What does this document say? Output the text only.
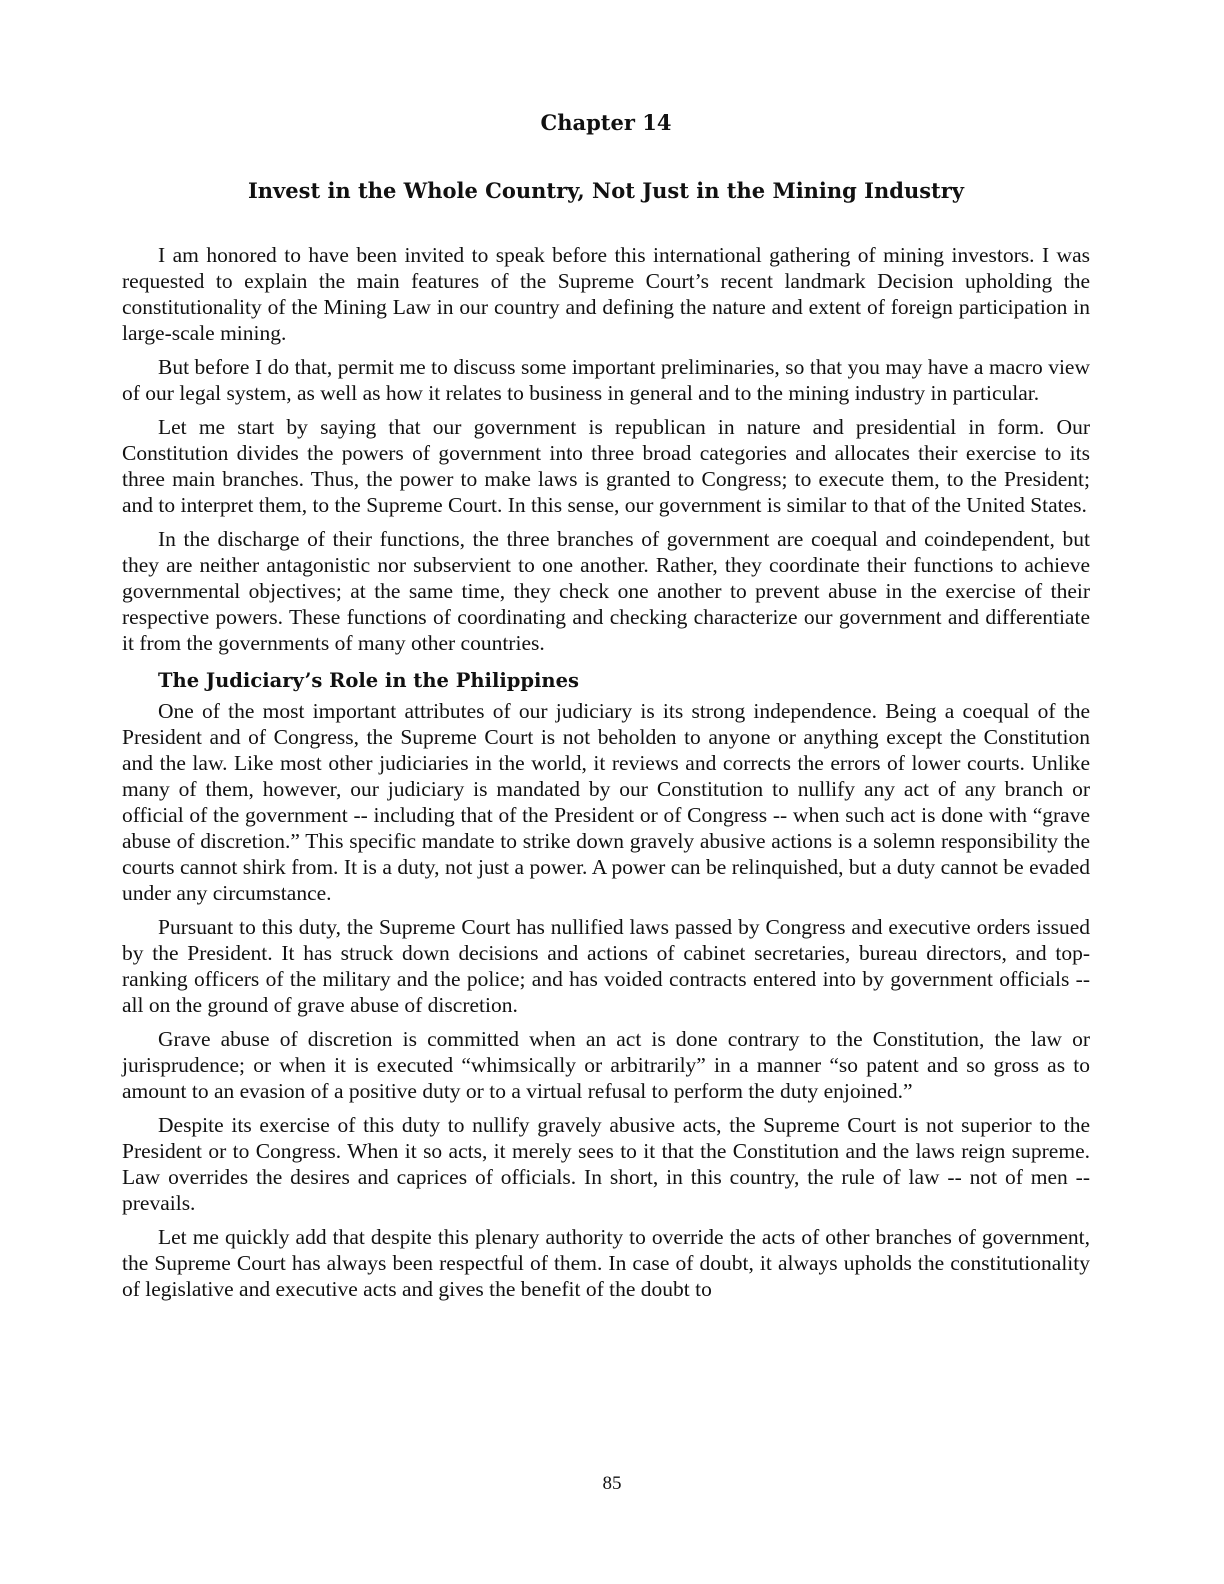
Chapter 14
Invest in the Whole Country, Not Just in the Mining Industry

I am honored to have been invited to speak before this international gathering of mining investors. I was requested to explain the main features of the Supreme Court’s recent landmark Decision upholding the constitutionality of the Mining Law in our country and defining the nature and extent of foreign participation in large-scale mining.

But before I do that, permit me to discuss some important preliminaries, so that you may have a macro view of our legal system, as well as how it relates to business in general and to the mining industry in particular.

Let me start by saying that our government is republican in nature and presidential in form. Our Constitution divides the powers of government into three broad categories and allocates their exercise to its three main branches. Thus, the power to make laws is granted to Congress; to execute them, to the President; and to interpret them, to the Supreme Court. In this sense, our government is similar to that of the United States.

In the discharge of their functions, the three branches of government are coequal and coindependent, but they are neither antagonistic nor subservient to one another. Rather, they coordinate their functions to achieve governmental objectives; at the same time, they check one another to prevent abuse in the exercise of their respective powers. These functions of coordinating and checking characterize our government and differentiate it from the governments of many other countries.

The Judiciary’s Role in the Philippines

One of the most important attributes of our judiciary is its strong independence. Being a coequal of the President and of Congress, the Supreme Court is not beholden to anyone or anything except the Constitution and the law. Like most other judiciaries in the world, it reviews and corrects the errors of lower courts. Unlike many of them, however, our judiciary is mandated by our Constitution to nullify any act of any branch or official of the government -- including that of the President or of Congress -- when such act is done with “grave abuse of discretion.” This specific mandate to strike down gravely abusive actions is a solemn responsibility the courts cannot shirk from. It is a duty, not just a power. A power can be relinquished, but a duty cannot be evaded under any circumstance.

Pursuant to this duty, the Supreme Court has nullified laws passed by Congress and executive orders issued by the President. It has struck down decisions and actions of cabinet secretaries, bureau directors, and top-ranking officers of the military and the police; and has voided contracts entered into by government officials -- all on the ground of grave abuse of discretion.

Grave abuse of discretion is committed when an act is done contrary to the Constitution, the law or jurisprudence; or when it is executed “whimsically or arbitrarily” in a manner “so patent and so gross as to amount to an evasion of a positive duty or to a virtual refusal to perform the duty enjoined.”

Despite its exercise of this duty to nullify gravely abusive acts, the Supreme Court is not superior to the President or to Congress. When it so acts, it merely sees to it that the Constitution and the laws reign supreme. Law overrides the desires and caprices of officials. In short, in this country, the rule of law -- not of men -- prevails.

Let me quickly add that despite this plenary authority to override the acts of other branches of government, the Supreme Court has always been respectful of them. In case of doubt, it always upholds the constitutionality of legislative and executive acts and gives the benefit of the doubt to

85
